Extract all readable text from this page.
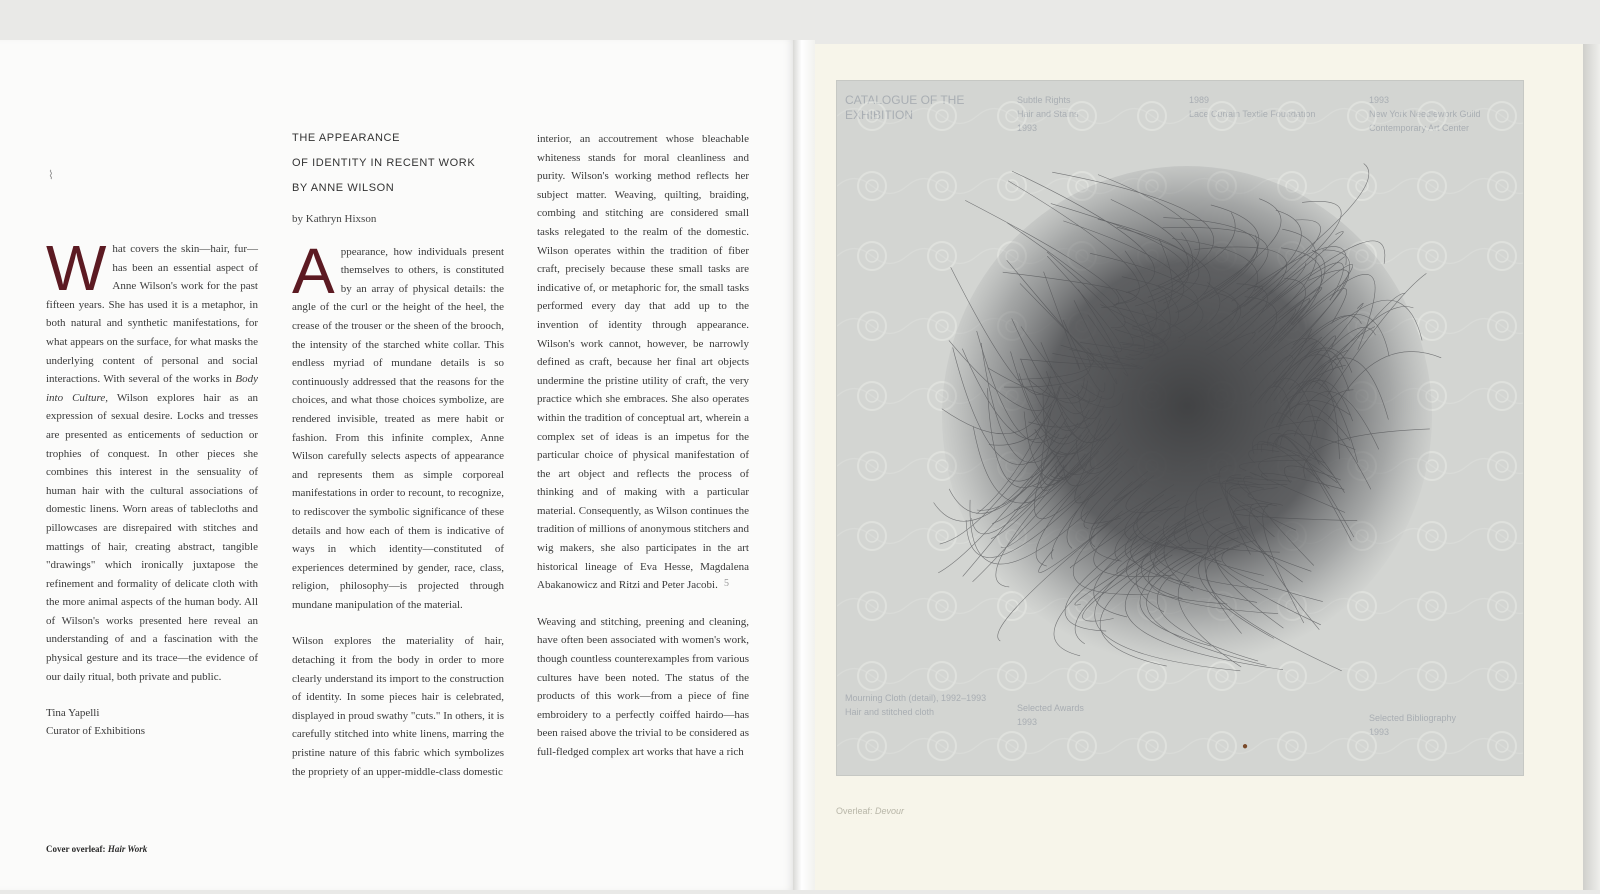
⌇

What covers the skin—hair, fur—has been an essential aspect of Anne Wilson's work for the past fifteen years. She has used it is a metaphor, in both natural and synthetic manifestations, for what appears on the surface, for what masks the underlying content of personal and social interactions. With several of the works in Body into Culture, Wilson explores hair as an expression of sexual desire. Locks and tresses are presented as enticements of seduction or trophies of conquest. In other pieces she combines this interest in the sensuality of human hair with the cultural associations of domestic linens. Worn areas of tablecloths and pillowcases are disrepaired with stitches and mattings of hair, creating abstract, tangible "drawings" which ironically juxtapose the refinement and formality of delicate cloth with the more animal aspects of the human body. All of Wilson's works presented here reveal an understanding of and a fascination with the physical gesture and its trace—the evidence of our daily ritual, both private and public.

Tina Yapelli
Curator of Exhibitions
THE APPEARANCE
OF IDENTITY IN RECENT WORK
BY ANNE WILSON
by Kathryn Hixson

Appearance, how individuals present themselves to others, is constituted by an array of physical details: the angle of the curl or the height of the heel, the crease of the trouser or the sheen of the brooch, the intensity of the starched white collar. This endless myriad of mundane details is so continuously addressed that the reasons for the choices, and what those choices symbolize, are rendered invisible, treated as mere habit or fashion. From this infinite complex, Anne Wilson carefully selects aspects of appearance and represents them as simple corporeal manifestations in order to recount, to recognize, to rediscover the symbolic significance of these details and how each of them is indicative of ways in which identity—constituted of experiences determined by gender, race, class, religion, philosophy—is projected through mundane manipulation of the material.

Wilson explores the materiality of hair, detaching it from the body in order to more clearly understand its import to the construction of identity. In some pieces hair is celebrated, displayed in proud swathy "cuts." In others, it is carefully stitched into white linens, marring the pristine nature of this fabric which symbolizes the propriety of an upper-middle-class domestic

interior, an accoutrement whose bleachable whiteness stands for moral cleanliness and purity. Wilson's working method reflects her subject matter. Weaving, quilting, braiding, combing and stitching are considered small tasks relegated to the realm of the domestic. Wilson operates within the tradition of fiber craft, precisely because these small tasks are indicative of, or metaphoric for, the small tasks performed every day that add up to the invention of identity through appearance. Wilson's work cannot, however, be narrowly defined as craft, because her final art objects undermine the pristine utility of craft, the very practice which she embraces. She also operates within the tradition of conceptual art, wherein a complex set of ideas is an impetus for the particular choice of physical manifestation of the art object and reflects the process of thinking and of making with a particular material. Consequently, as Wilson continues the tradition of millions of anonymous stitchers and wig makers, she also participates in the art historical lineage of Eva Hesse, Magdalena Abakanowicz and Ritzi and Peter Jacobi.

Weaving and stitching, preening and cleaning, have often been associated with women's work, though countless counterexamples from various cultures have been noted. The status of the products of this work—from a piece of fine embroidery to a perfectly coiffed hairdo—has been raised above the trivial to be considered as full-fledged complex art works that have a rich

5
Cover overleaf: Hair Work
●
Overleaf: Devour
